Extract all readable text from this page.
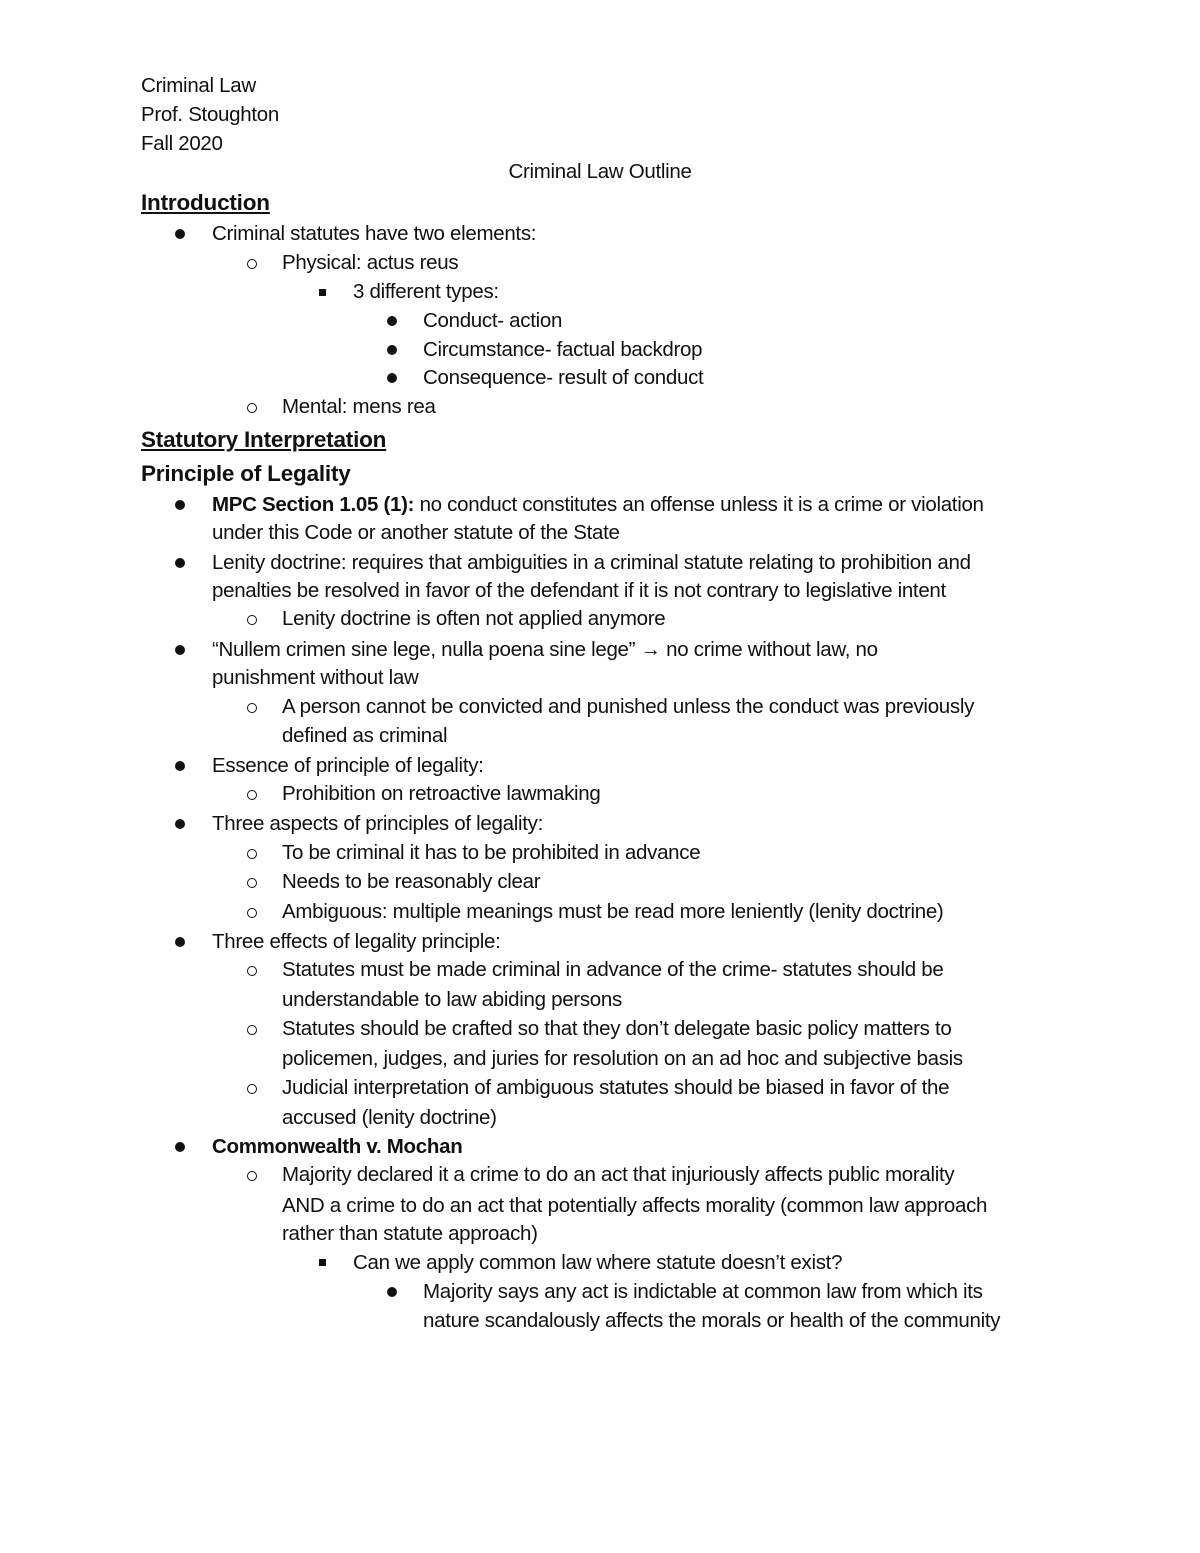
Criminal Law
Prof. Stoughton
Fall 2020
Criminal Law Outline
Introduction
Criminal statutes have two elements:
Physical: actus reus
3 different types:
Conduct- action
Circumstance- factual backdrop
Consequence- result of conduct
Mental: mens rea
Statutory Interpretation
Principle of Legality
MPC Section 1.05 (1): no conduct constitutes an offense unless it is a crime or violation
under this Code or another statute of the State
Lenity doctrine: requires that ambiguities in a criminal statute relating to prohibition and
penalties be resolved in favor of the defendant if it is not contrary to legislative intent
Lenity doctrine is often not applied anymore
“Nullem crimen sine lege, nulla poena sine lege” → no crime without law, no
punishment without law
A person cannot be convicted and punished unless the conduct was previously
defined as criminal
Essence of principle of legality:
Prohibition on retroactive lawmaking
Three aspects of principles of legality:
To be criminal it has to be prohibited in advance
Needs to be reasonably clear
Ambiguous: multiple meanings must be read more leniently (lenity doctrine)
Three effects of legality principle:
Statutes must be made criminal in advance of the crime- statutes should be
understandable to law abiding persons
Statutes should be crafted so that they don’t delegate basic policy matters to
policemen, judges, and juries for resolution on an ad hoc and subjective basis
Judicial interpretation of ambiguous statutes should be biased in favor of the
accused (lenity doctrine)
Commonwealth v. Mochan
Majority declared it a crime to do an act that injuriously affects public morality
AND a crime to do an act that potentially affects morality (common law approach
rather than statute approach)
Can we apply common law where statute doesn’t exist?
Majority says any act is indictable at common law from which its
nature scandalously affects the morals or health of the community
